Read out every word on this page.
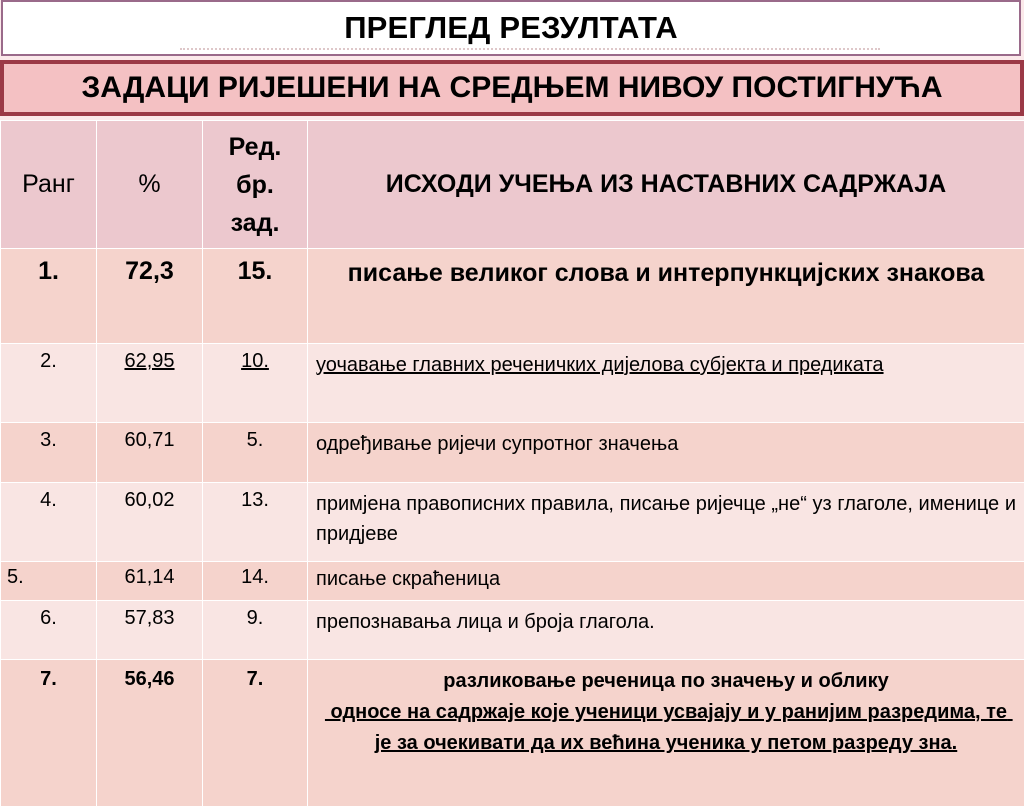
ПРЕГЛЕД РЕЗУЛТАТА
ЗАДАЦИ РИЈЕШЕНИ НА СРЕДЊЕМ НИВОУ ПОСТИГНУЋА
Ранг	%	Ред. бр. зад.	ИСХОДИ УЧЕЊА ИЗ НАСТАВНИХ САДРЖАЈА
1.	72,3	15.	писање великог слова и интерпункцијских знакова
2.	62,95	10.	уочавање главних реченичких дијелова субјекта и предиката
3.	60,71	5.	одређивање ријечи супротног значења
4.	60,02	13.	примјена правописних правила, писање ријечце „не“ уз глаголе, именице и придјеве
5.	61,14	14.	писање скраћеница
6.	57,83	9.	препознавања лица и броја глагола.
7.	56,46	7.	разликовање реченица по значењу и облику
односе на садржаје које ученици усвајају и у ранијим разредима, те је за очекивати да их већина ученика у петом разреду зна.
